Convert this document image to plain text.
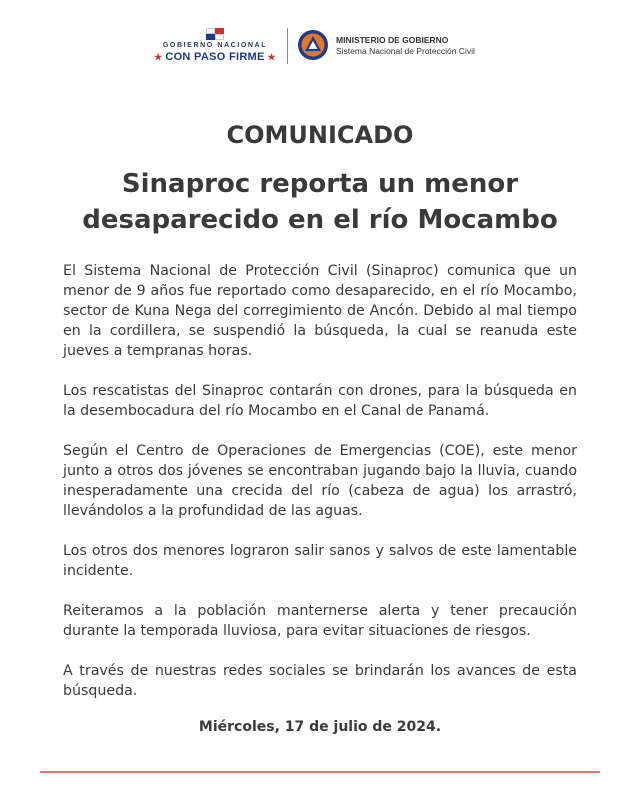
GOBIERNO NACIONAL
★ CON PASO FIRME ★
MINISTERIO DE GOBIERNO
Sistema Nacional de Protección Civil
COMUNICADO
Sinaproc reporta un menor
desaparecido en el río Mocambo

El Sistema Nacional de Protección Civil (Sinaproc) comunica que un menor de 9 años fue reportado como desaparecido, en el río Mocambo, sector de Kuna Nega del corregimiento de Ancón. Debido al mal tiempo en la cordillera, se suspendió la búsqueda, la cual se reanuda este jueves a tempranas horas.

Los rescatistas del Sinaproc contarán con drones, para la búsqueda en la desembocadura del río Mocambo en el Canal de Panamá.

Según el Centro de Operaciones de Emergencias (COE), este menor junto a otros dos jóvenes se encontraban jugando bajo la lluvia, cuando inesperadamente una crecida del río (cabeza de agua) los arrastró, llevándolos a la profundidad de las aguas.

Los otros dos menores lograron salir sanos y salvos de este lamentable incidente.

Reiteramos a la población manternerse alerta y tener precaución durante la temporada lluviosa, para evitar situaciones de riesgos.

A través de nuestras redes sociales se brindarán los avances de esta búsqueda.

Miércoles, 17 de julio de 2024.
